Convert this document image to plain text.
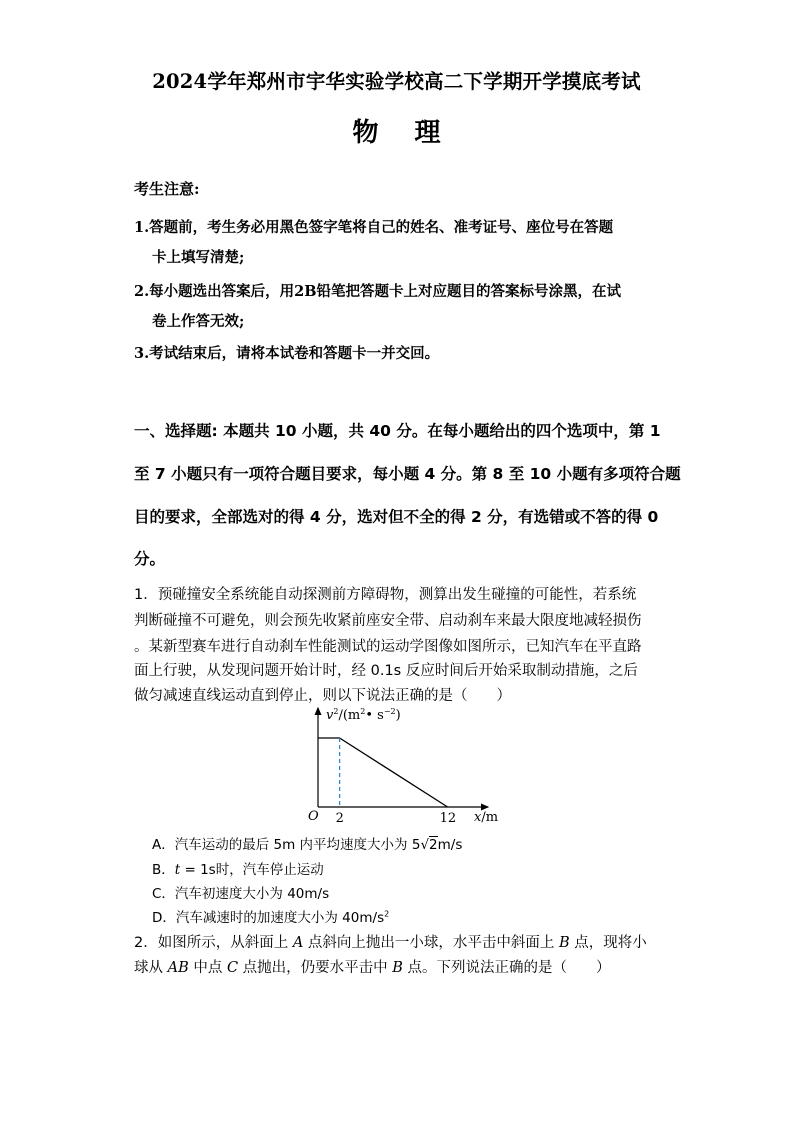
2024学年郑州市宇华实验学校高二下学期开学摸底考试
物 理
考生注意:
1.答题前，考生务必用黑色签字笔将自己的姓名、准考证号、座位号在答题
卡上填写清楚;
2.每小题选出答案后，用2B铅笔把答题卡上对应题目的答案标号涂黑，在试
卷上作答无效;
3.考试结束后，请将本试卷和答题卡一并交回。
一、选择题: 本题共 10 小题，共 40 分。在每小题给出的四个选项中，第 1
至 7 小题只有一项符合题目要求，每小题 4 分。第 8 至 10 小题有多项符合题
目的要求，全部选对的得 4 分，选对但不全的得 2 分，有选错或不答的得 0
分。
1．预碰撞安全系统能自动探测前方障碍物，测算出发生碰撞的可能性，若系统
判断碰撞不可避免，则会预先收紧前座安全带、启动刹车来最大限度地减轻损伤
。某新型赛车进行自动刹车性能测试的运动学图像如图所示，已知汽车在平直路
面上行驶，从发现问题开始计时，经 0.1s 反应时间后开始采取制动措施，之后
做匀减速直线运动直到停止，则以下说法正确的是（　　）
$v^2/(m^2•$ $s^{-2}$)
O 2	12 x/m
A．汽车运动的最后 5m 内平均速度大小为 5√2m/s
B．t = 1s时，汽车停止运动
C．汽车初速度大小为 40m/s
D．汽车减速时的加速度大小为 $40m/s^2$
2．如图所示，从斜面上 A 点斜向上抛出一小球，水平击中斜面上 B 点，现将小
球从 AB 中点 C 点抛出，仍要水平击中 B 点。下列说法正确的是（　　）
